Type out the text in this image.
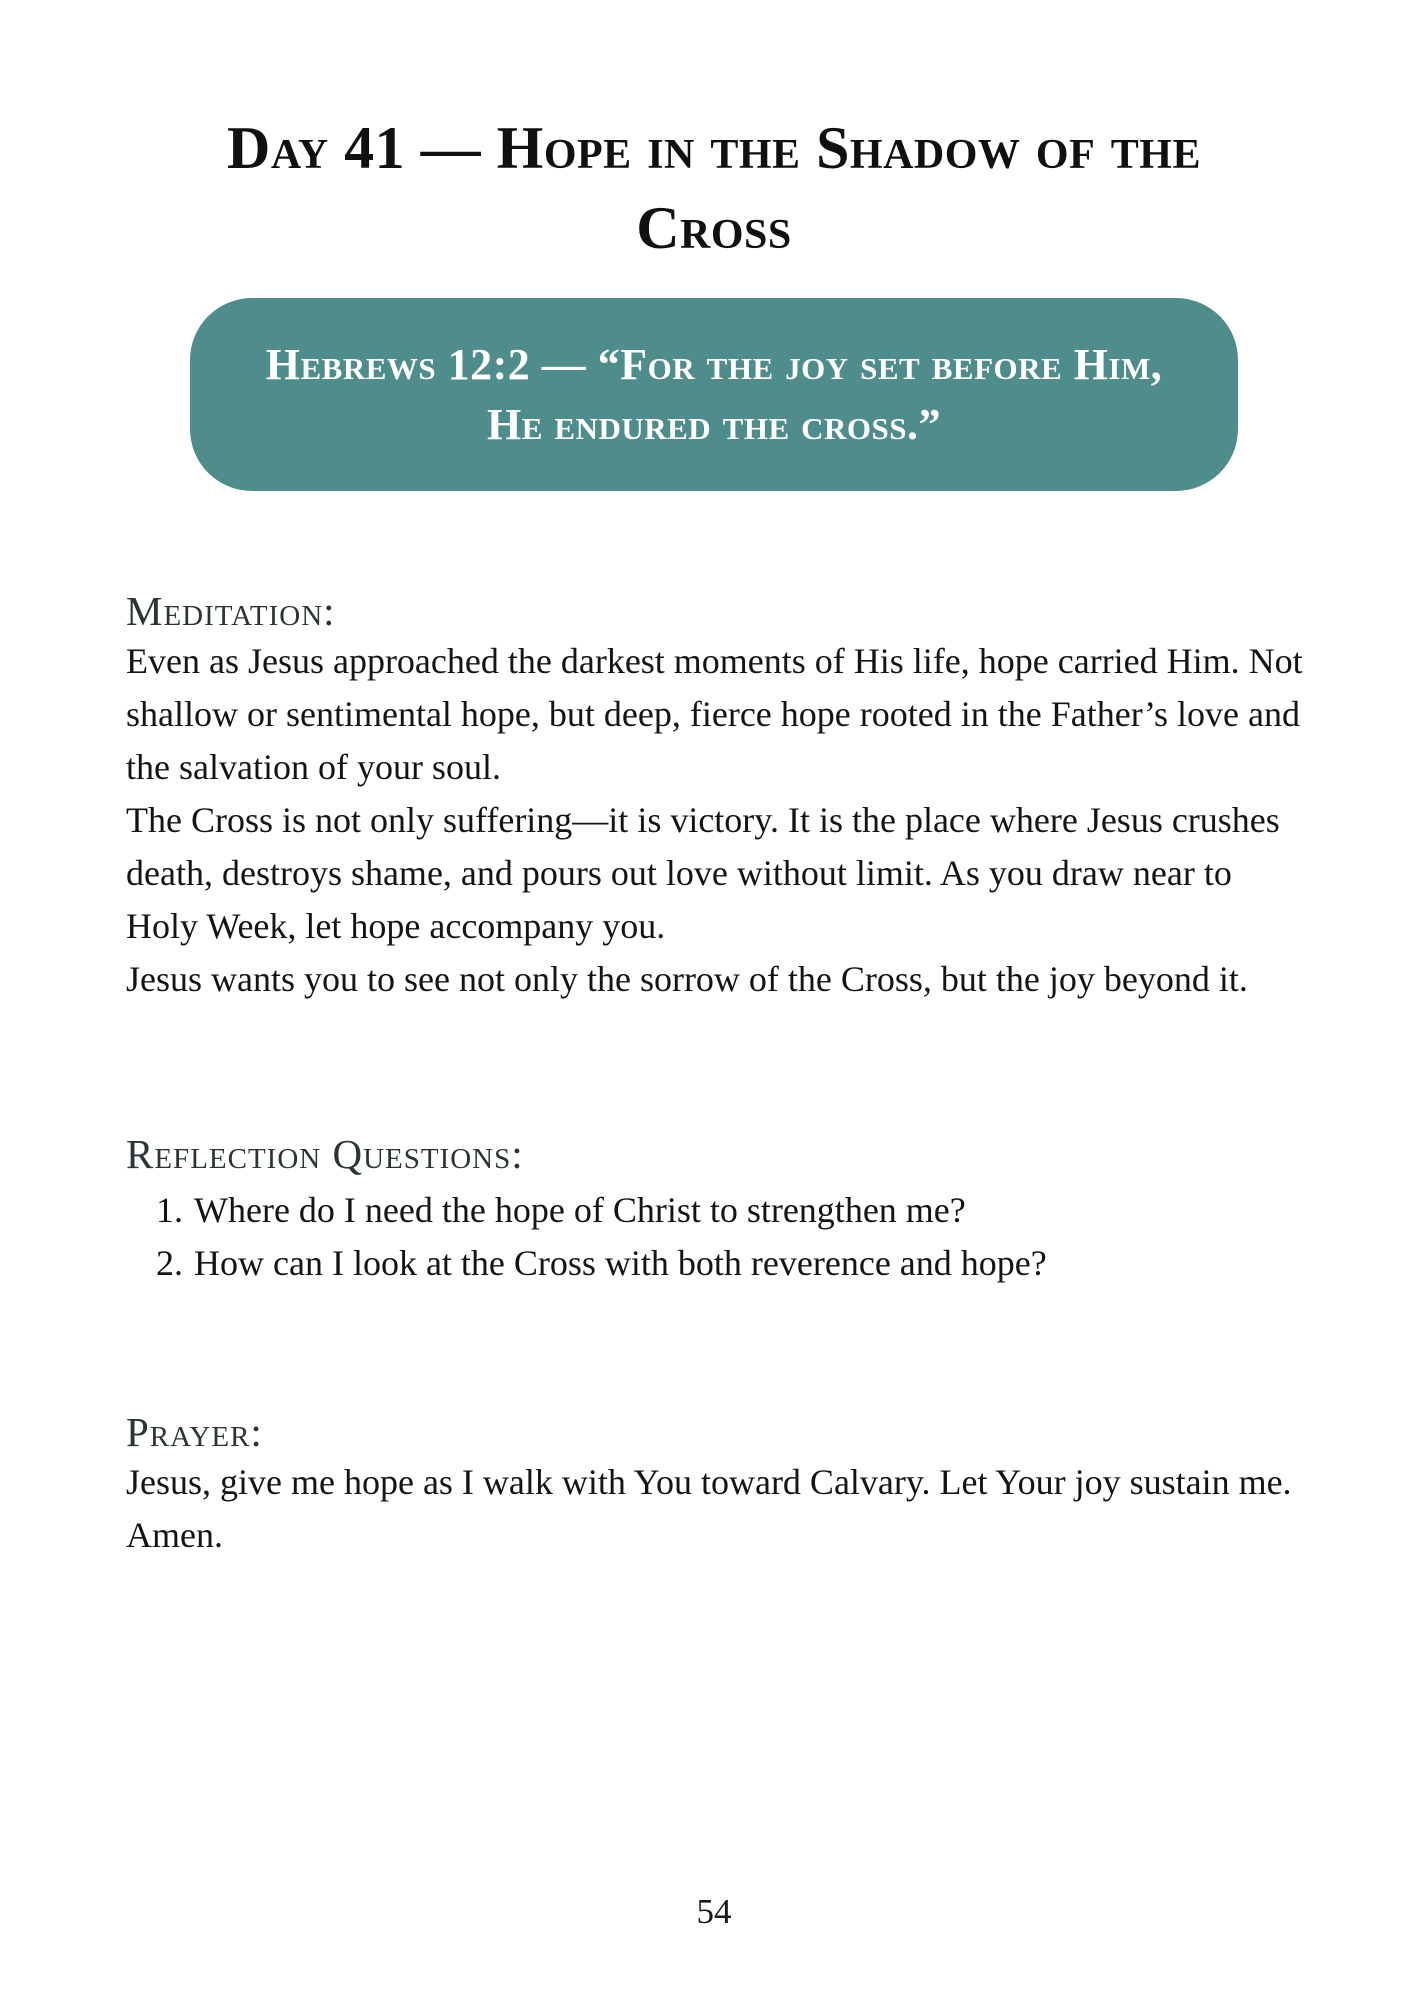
Day 41 — Hope in the Shadow of the Cross
Hebrews 12:2 — “For the joy set before Him, He endured the cross.”
Meditation:

Even as Jesus approached the darkest moments of His life, hope carried Him. Not shallow or sentimental hope, but deep, fierce hope rooted in the Father’s love and the salvation of your soul.

The Cross is not only suffering—it is victory. It is the place where Jesus crushes death, destroys shame, and pours out love without limit. As you draw near to Holy Week, let hope accompany you.

Jesus wants you to see not only the sorrow of the Cross, but the joy beyond it.

Reflection Questions:
1. Where do I need the hope of Christ to strengthen me?
2. How can I look at the Cross with both reverence and hope?
Prayer:

Jesus, give me hope as I walk with You toward Calvary. Let Your joy sustain me. Amen.

54
